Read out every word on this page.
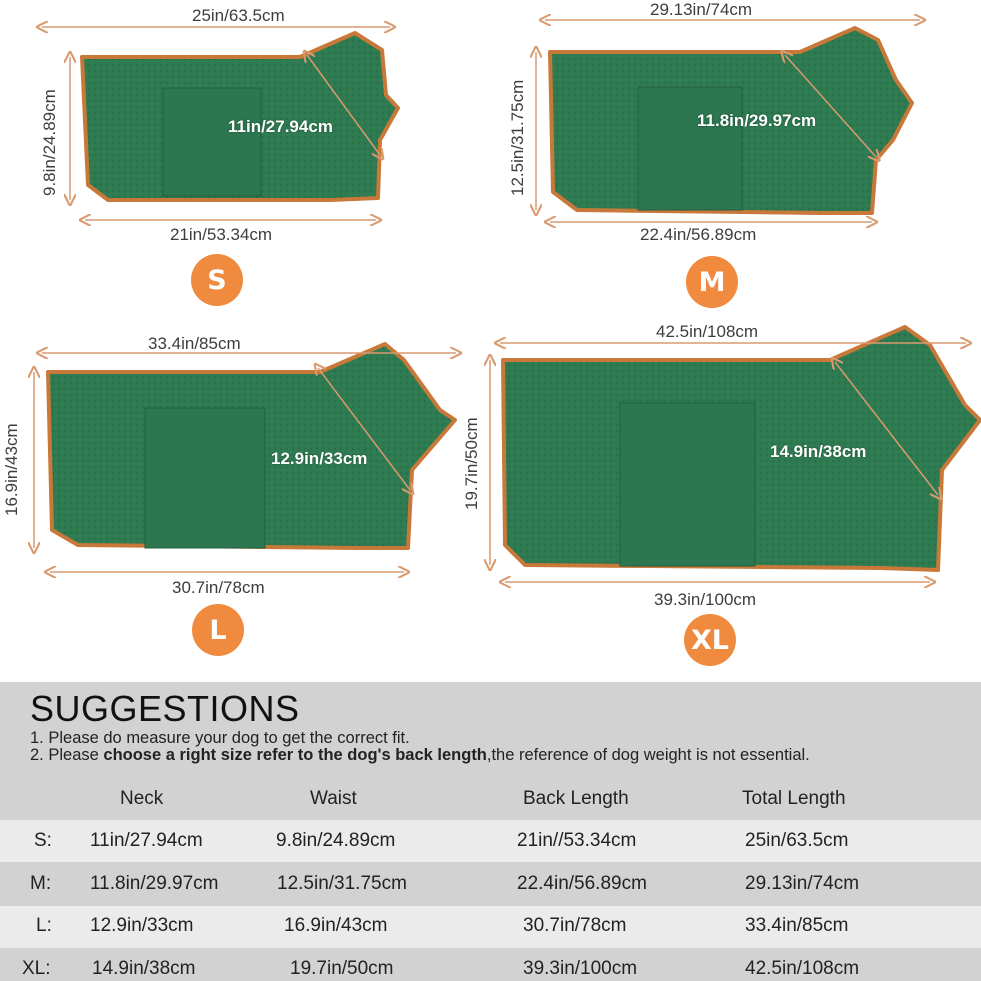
25in/63.5cm
9.8in/24.89cm	11in/27.94cm
21in/53.34cm
S
29.13in/74cm
12.5in/31.75cm	11.8in/29.97cm
22.4in/56.89cm
M
33.4in/85cm
16.9in/43cm	12.9in/33cm
30.7in/78cm
L
42.5in/108cm
19.7in/50cm	14.9in/38cm
39.3in/100cm
XL
SUGGESTIONS
1. Please do measure your dog to get the correct fit.
2. Please choose a right size refer to the dog's back length,the reference of dog weight is not essential.
Neck	Waist	Back Length	Total Length
S: 11in/27.94cm	9.8in/24.89cm	21in//53.34cm	25in/63.5cm
M: 11.8in/29.97cm	12.5in/31.75cm	22.4in/56.89cm	29.13in/74cm
L: 12.9in/33cm	16.9in/43cm	30.7in/78cm	33.4in/85cm
XL: 14.9in/38cm	19.7in/50cm	39.3in/100cm	42.5in/108cm
